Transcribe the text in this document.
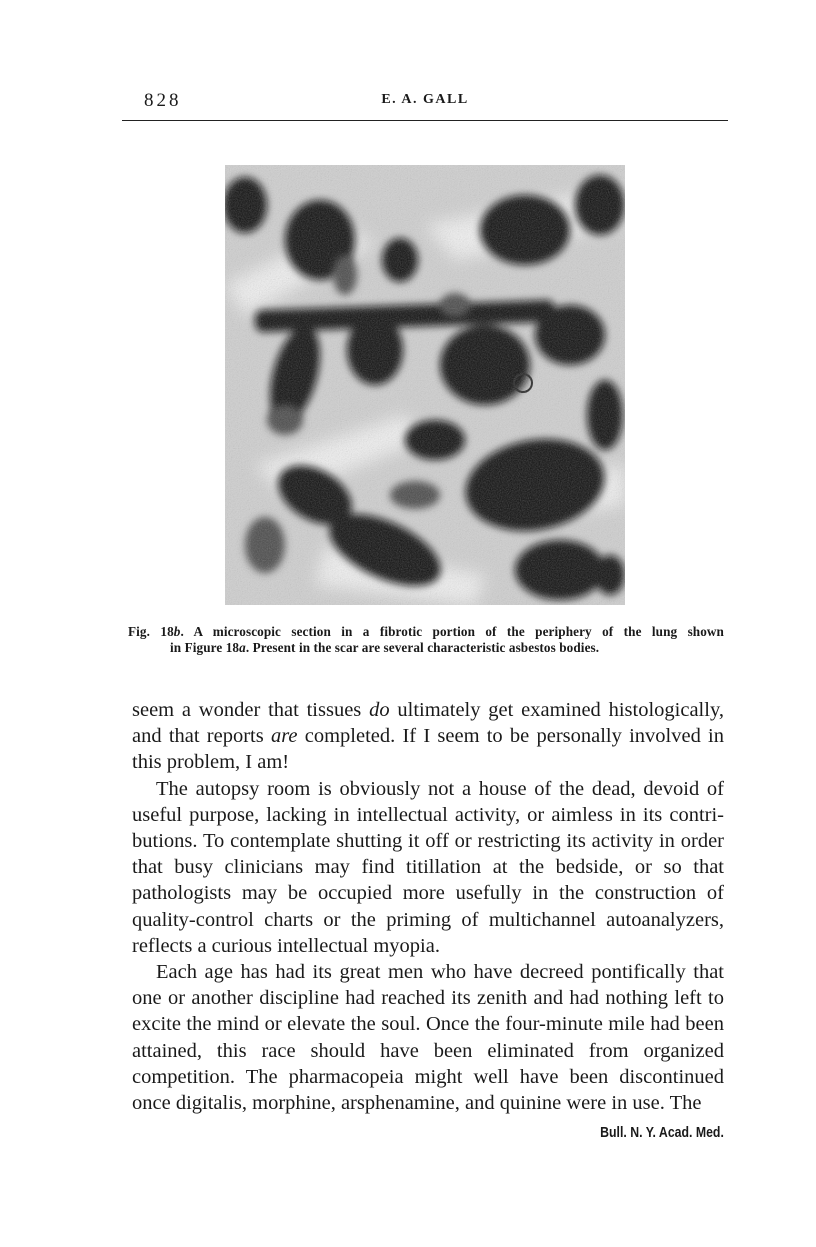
828	E. A. GALL
Fig. 18b. A microscopic section in a fibrotic portion of the periphery of the lung shown
in Figure 18a. Present in the scar are several characteristic asbestos bodies.

seem a wonder that tissues do ultimately get examined histologically, and that reports are completed. If I seem to be personally involved in this problem, I am!

The autopsy room is obviously not a house of the dead, devoid of useful purpose, lacking in intellectual activity, or aimless in its contri-butions. To contemplate shutting it off or restricting its activity in order that busy clinicians may find titillation at the bedside, or so that pathologists may be occupied more usefully in the construction of quality-control charts or the priming of multichannel autoanalyzers, reflects a curious intellectual myopia.

Each age has had its great men who have decreed pontifically that one or another discipline had reached its zenith and had nothing left to excite the mind or elevate the soul. Once the four-minute mile had been attained, this race should have been eliminated from organized competition. The pharmacopeia might well have been discontinued once digitalis, morphine, arsphenamine, and quinine were in use. The

Bull. N. Y. Acad. Med.
